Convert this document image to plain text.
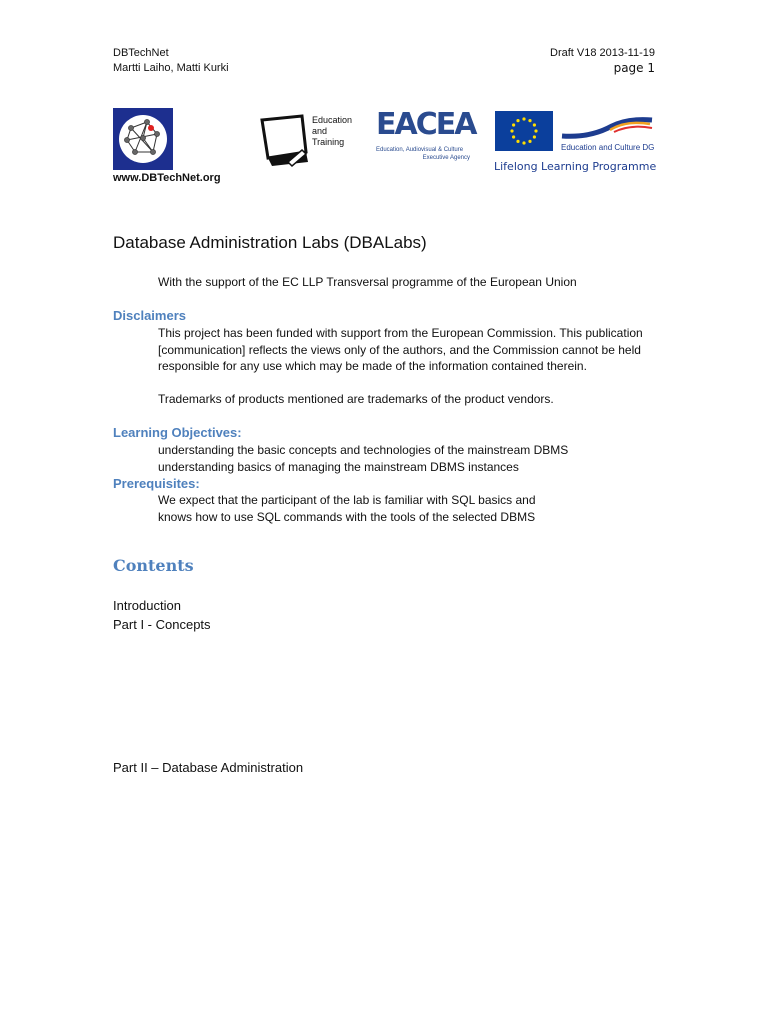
DBTechNet
Martti Laiho, Matti Kurki
Draft V18 2013-11-19
page 1
www.DBTechNet.org
Education
and
Training EACEA
Education, Audiovisual & Culture
Executive Agency
Education and Culture DG
Lifelong Learning Programme
Database Administration Labs (DBALabs)
With the support of the EC LLP Transversal programme of the European Union
Disclaimers
This project has been funded with support from the European Commission. This publication
[communication] reflects the views only of the authors, and the Commission cannot be held
responsible for any use which may be made of the information contained therein.
Trademarks of products mentioned are trademarks of the product vendors.
Learning Objectives:
understanding the basic concepts and technologies of the mainstream DBMS
understanding basics of managing the mainstream DBMS instances
Prerequisites:
We expect that the participant of the lab is familiar with SQL basics and
knows how to use SQL commands with the tools of the selected DBMS
Contents
Introduction
Part I - Concepts
Part II – Database Administration
